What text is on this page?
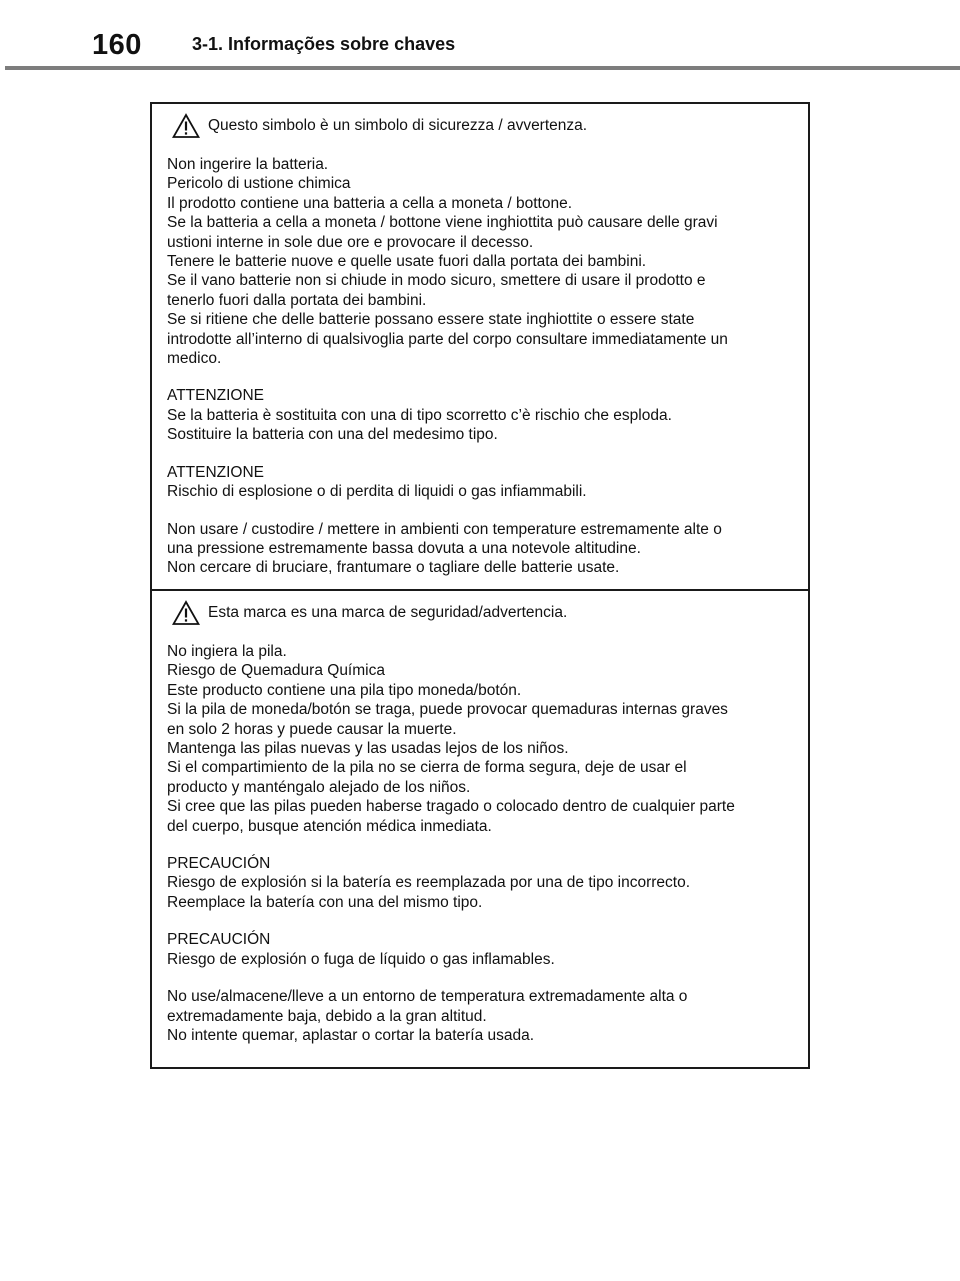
160	3-1. Informações sobre chaves
Questo simbolo è un simbolo di sicurezza / avvertenza.
Non ingerire la batteria.
Pericolo di ustione chimica
Il prodotto contiene una batteria a cella a moneta / bottone.
Se la batteria a cella a moneta / bottone viene inghiottita può causare delle gravi
ustioni interne in sole due ore e provocare il decesso.
Tenere le batterie nuove e quelle usate fuori dalla portata dei bambini.
Se il vano batterie non si chiude in modo sicuro, smettere di usare il prodotto e
tenerlo fuori dalla portata dei bambini.
Se si ritiene che delle batterie possano essere state inghiottite o essere state
introdotte all’interno di qualsivoglia parte del corpo consultare immediatamente un
medico.
ATTENZIONE
Se la batteria è sostituita con una di tipo scorretto c’è rischio che esploda.
Sostituire la batteria con una del medesimo tipo.
ATTENZIONE
Rischio di esplosione o di perdita di liquidi o gas infiammabili.
Non usare / custodire / mettere in ambienti con temperature estremamente alte o
una pressione estremamente bassa dovuta a una notevole altitudine.
Non cercare di bruciare, frantumare o tagliare delle batterie usate.
Esta marca es una marca de seguridad/advertencia.
No ingiera la pila.
Riesgo de Quemadura Química
Este producto contiene una pila tipo moneda/botón.
Si la pila de moneda/botón se traga, puede provocar quemaduras internas graves
en solo 2 horas y puede causar la muerte.
Mantenga las pilas nuevas y las usadas lejos de los niños.
Si el compartimiento de la pila no se cierra de forma segura, deje de usar el
producto y manténgalo alejado de los niños.
Si cree que las pilas pueden haberse tragado o colocado dentro de cualquier parte
del cuerpo, busque atención médica inmediata.
PRECAUCIÓN
Riesgo de explosión si la batería es reemplazada por una de tipo incorrecto.
Reemplace la batería con una del mismo tipo.
PRECAUCIÓN
Riesgo de explosión o fuga de líquido o gas inflamables.
No use/almacene/lleve a un entorno de temperatura extremadamente alta o
extremadamente baja, debido a la gran altitud.
No intente quemar, aplastar o cortar la batería usada.
